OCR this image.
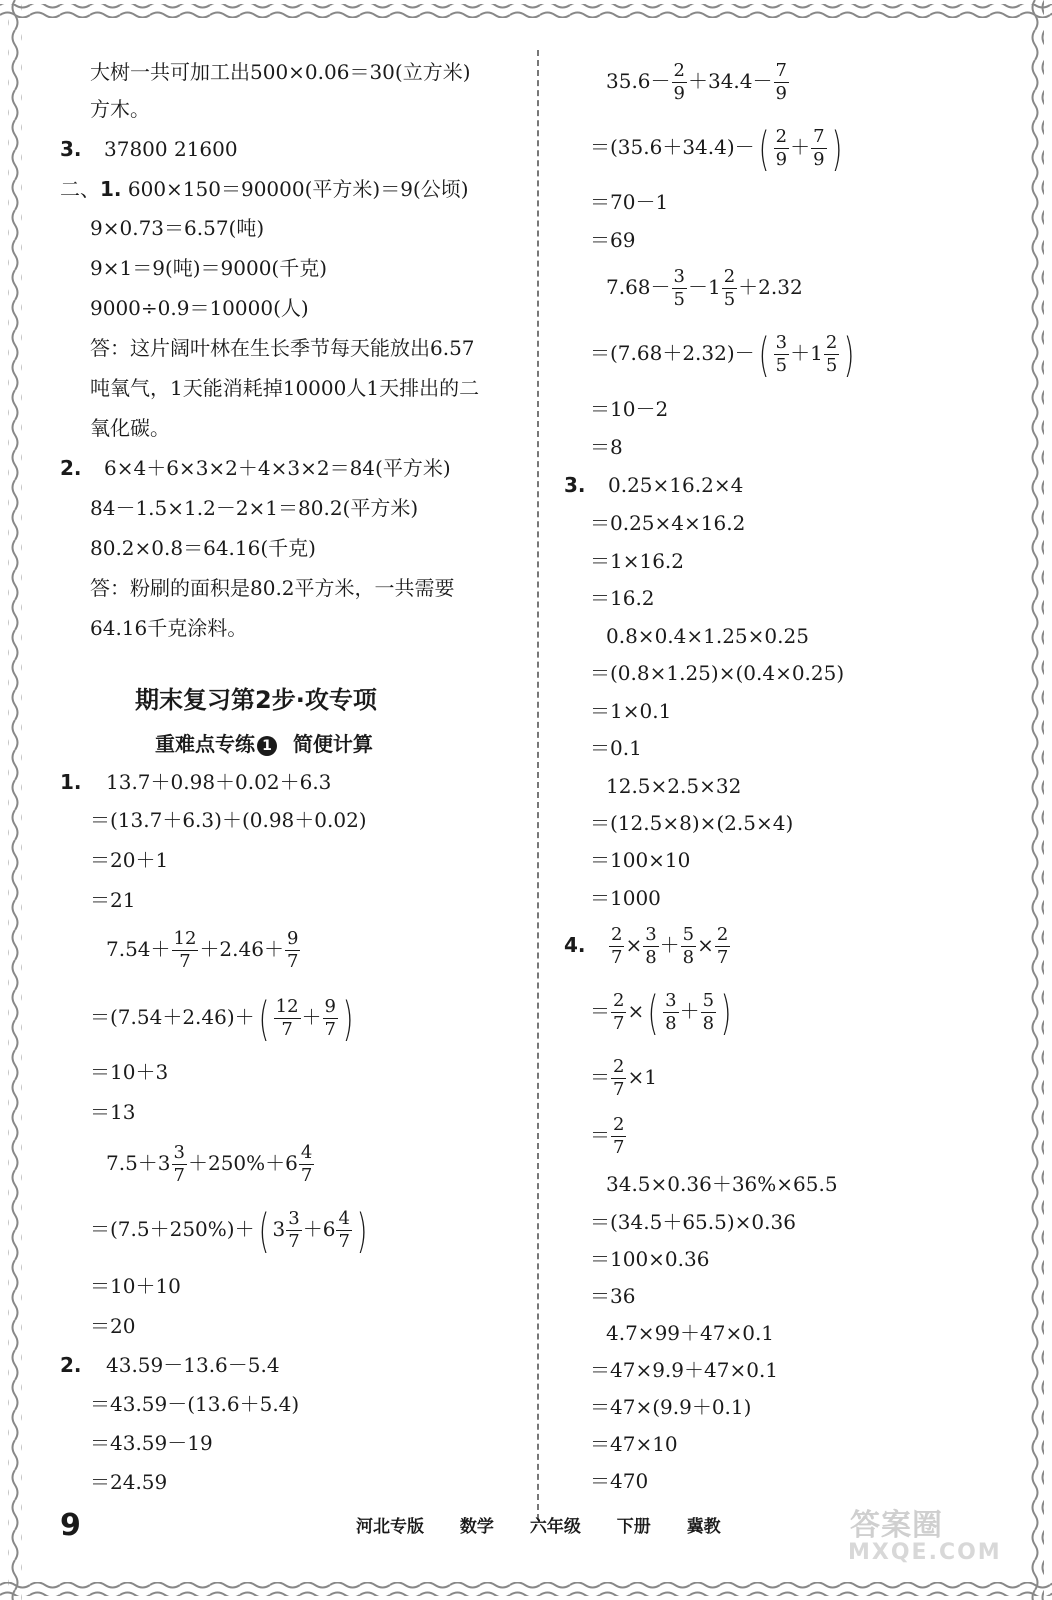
大树一共可加工出500×0.06＝30(立方米)
方木。
3. 37800 21600
二、1. 600×150＝90000(平方米)＝9(公顷)
9×0.73＝6.57(吨)
9×1＝9(吨)＝9000(千克)
9000÷0.9＝10000(人)
答：这片阔叶林在生长季节每天能放出6.57
吨氧气，1天能消耗掉10000人1天排出的二
氧化碳。
2. 6×4＋6×3×2＋4×3×2＝84(平方米)
84－1.5×1.2－2×1＝80.2(平方米)
80.2×0.8＝64.16(千克)
答：粉刷的面积是80.2平方米，一共需要
64.16千克涂料。
期末复习第2步·攻专项
重难点专练 1 简便计算
1. 13.7＋0.98＋0.02＋6.3
＝(13.7＋6.3)＋(0.98＋0.02)
＝20＋1
＝21
$7.54+ \frac{12}{7} +2.46+ \frac{9}{7}$
$=(7.54+2.46)+( \frac{12}{7} + \frac{9}{7}$ )
＝10＋3
＝13
$7.5+3 \frac{3}{7} +250\%+6 \frac{4}{7}$
＝(7.5＋250%)＋( $3 \frac{3}{7} +6 \frac{4}{7}$ )
＝10＋10
＝20
2. 43.59－13.6－5.4
＝43.59－(13.6＋5.4)
＝43.59－19
＝24.59
$35.6- \frac{2}{9} +34.4- \frac{7}{9}$
$=(35.6+34.4)-( \frac{2}{9} + \frac{7}{9}$ )
＝70－1
＝69
$7.68- \frac{3}{5} -1 \frac{2}{5} +2.32$
$=(7.68+2.32)-( \frac{3}{5} +1 \frac{2}{5}$ )
＝10－2
＝8
3. 0.25×16.2×4
＝0.25×4×16.2
＝1×16.2
＝16.2
0.8×0.4×1.25×0.25
＝(0.8×1.25)×(0.4×0.25)
＝1×0.1
＝0.1
12.5×2.5×32
＝(12.5×8)×(2.5×4)
＝100×10
＝1000
4. $\frac{2}{7} \times \frac{3}{8} + \frac{5}{8} \times \frac{2}{7}$
＝ $\frac{2}{7}$ ×( $\frac{3}{8} + \frac{5}{8}$ )
＝ $\frac{2}{7} \times 1$
＝ $\frac{2}{7}$
34.5×0.36＋36%×65.5
＝(34.5＋65.5)×0.36
＝100×0.36
＝36
4.7×99＋47×0.1
＝47×9.9＋47×0.1
＝47×(9.9＋0.1)
＝47×10
＝470
9	河北专版 数学 六年级 下册 冀教	答案圈
MXQE.COM
